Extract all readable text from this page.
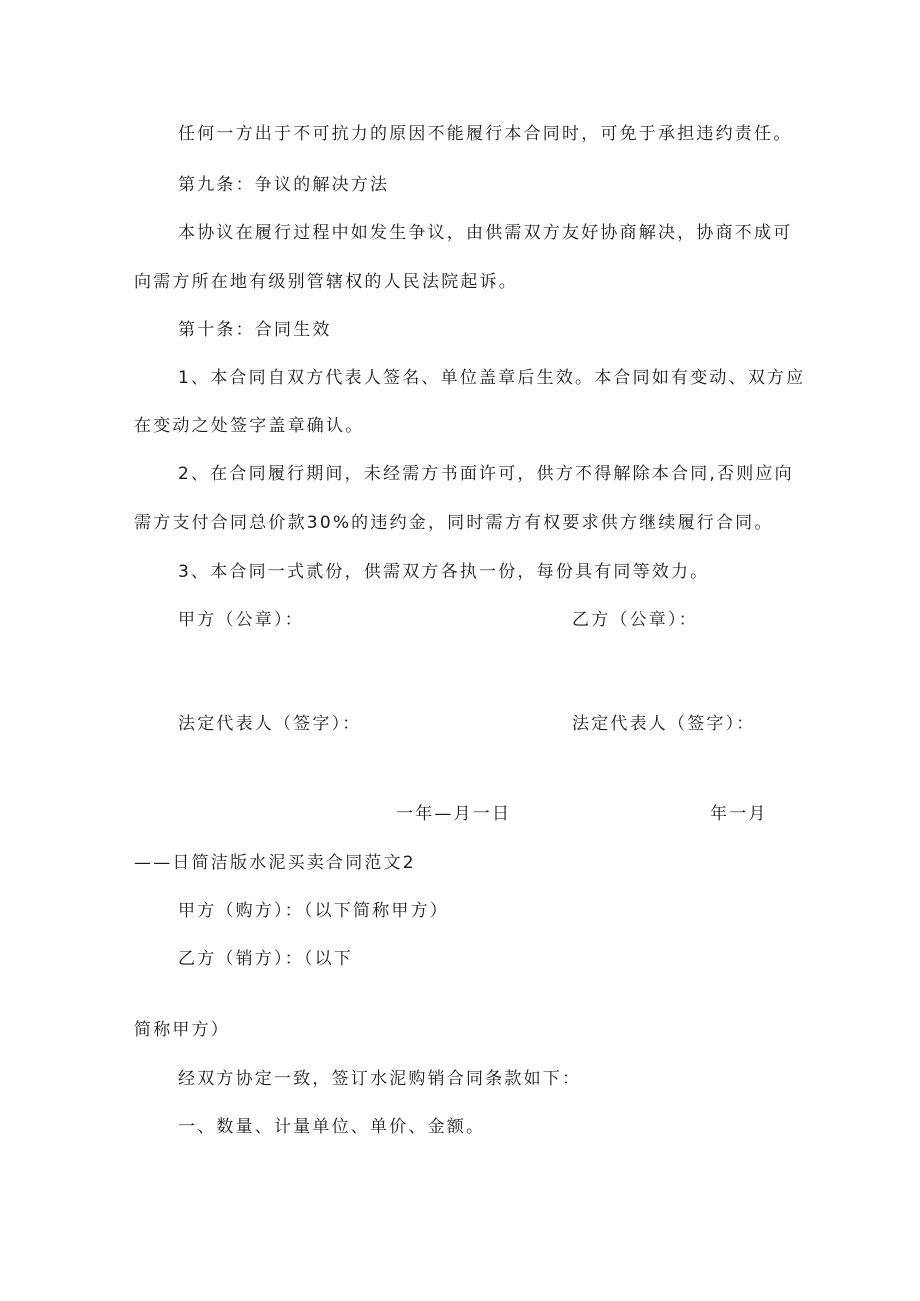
任何一方出于不可抗力的原因不能履行本合同时，可免于承担违约责任。
第九条：争议的解决方法
本协议在履行过程中如发生争议，由供需双方友好协商解决，协商不成可
向需方所在地有级别管辖权的人民法院起诉。
第十条：合同生效
1、本合同自双方代表人签名、单位盖章后生效。本合同如有变动、双方应
在变动之处签字盖章确认。
2、在合同履行期间，未经需方书面许可，供方不得解除本合同,否则应向
需方支付合同总价款30%的违约金，同时需方有权要求供方继续履行合同。
3、本合同一式贰份，供需双方各执一份，每份具有同等效力。
甲方（公章）：	乙方（公章）：
法定代表人（签字）：	法定代表人（签字）：
一年—月一日	年一月
——日简洁版水泥买卖合同范文2
甲方（购方）：（以下简称甲方）
乙方（销方）：（以下
简称甲方）
经双方协定一致，签订水泥购销合同条款如下：
一、数量、计量单位、单价、金额。
